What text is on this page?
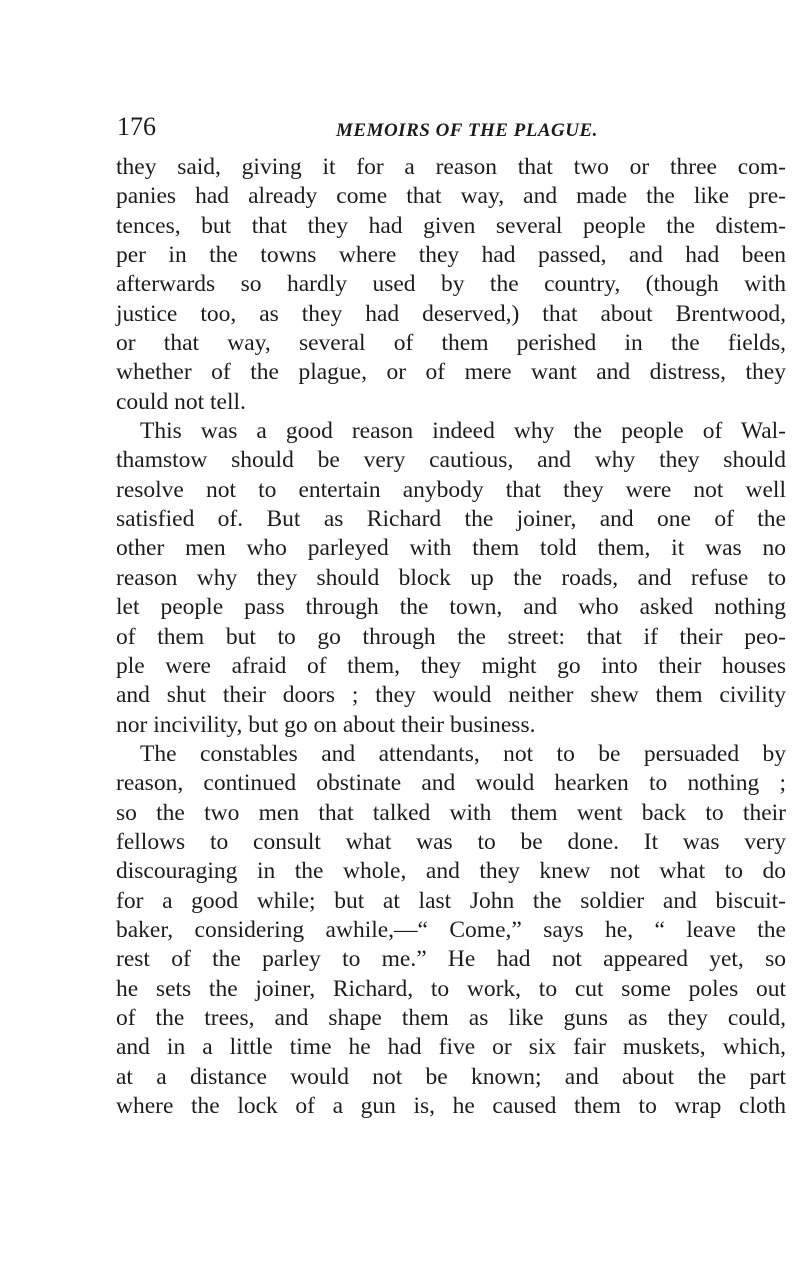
176	MEMOIRS OF THE PLAGUE.
they said, giving it for a reason that two or three com-
panies had already come that way, and made the like pre-
tences, but that they had given several people the distem-
per in the towns where they had passed, and had been
afterwards so hardly used by the country, (though with
justice too, as they had deserved,) that about Brentwood,
or that way, several of them perished in the fields,
whether of the plague, or of mere want and distress, they
could not tell.
This was a good reason indeed why the people of Wal-
thamstow should be very cautious, and why they should
resolve not to entertain anybody that they were not well
satisfied of. But as Richard the joiner, and one of the
other men who parleyed with them told them, it was no
reason why they should block up the roads, and refuse to
let people pass through the town, and who asked nothing
of them but to go through the street: that if their peo-
ple were afraid of them, they might go into their houses
and shut their doors ; they would neither shew them civility
nor incivility, but go on about their business.
The constables and attendants, not to be persuaded by
reason, continued obstinate and would hearken to nothing ;
so the two men that talked with them went back to their
fellows to consult what was to be done. It was very
discouraging in the whole, and they knew not what to do
for a good while; but at last John the soldier and biscuit-
baker, considering awhile,—“ Come,” says he, “ leave the
rest of the parley to me.” He had not appeared yet, so
he sets the joiner, Richard, to work, to cut some poles out
of the trees, and shape them as like guns as they could,
and in a little time he had five or six fair muskets, which,
at a distance would not be known; and about the part
where the lock of a gun is, he caused them to wrap cloth
